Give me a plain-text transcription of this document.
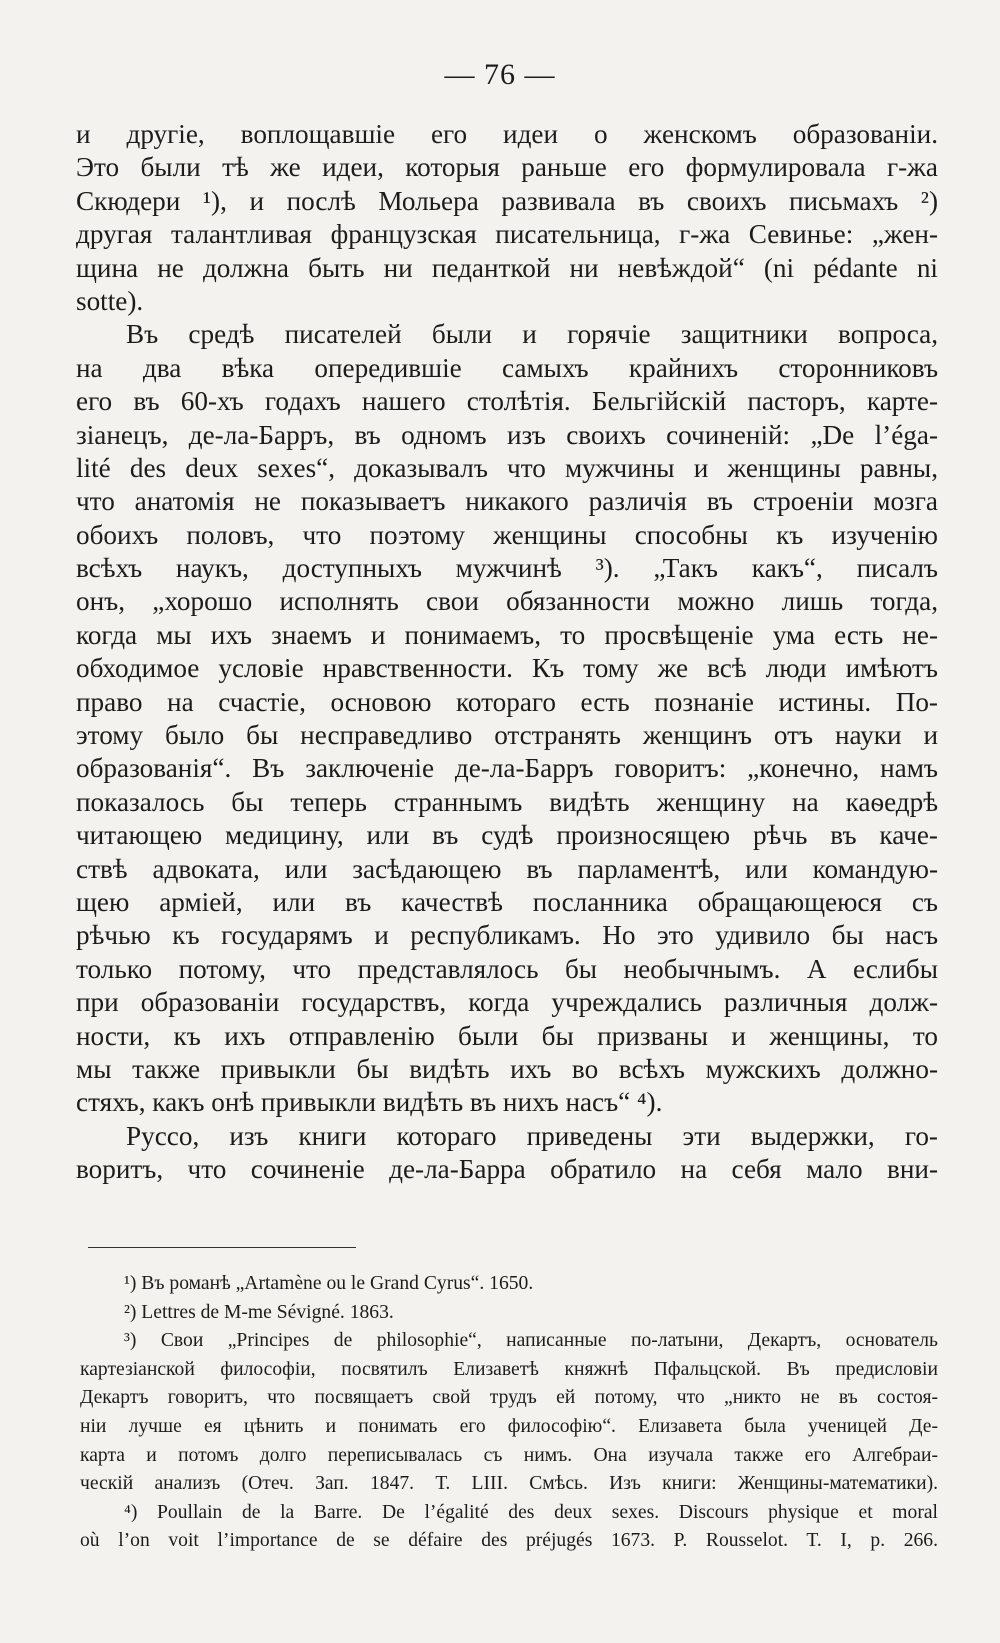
— 76 —
и другіе, воплощавшіе его идеи о женскомъ образованіи.
Это были тѣ же идеи, которыя раньше его формулировала г-жа
Скюдери ¹), и послѣ Мольера развивала въ своихъ письмахъ ²)
другая талантливая французская писательница, г-жа Севинье: „жен-
щина не должна быть ни педанткой ни невѣждой“ (ni pédante ni
sotte).
Въ средѣ писателей были и горячіе защитники вопроса,
на два вѣка опередившіе самыхъ крайнихъ сторонниковъ
его въ 60-хъ годахъ нашего столѣтія. Бельгійскій пасторъ, карте-
зіанецъ, де-ла-Барръ, въ одномъ изъ своихъ сочиненій: „De l’éga-
lité des deux sexes“, доказывалъ что мужчины и женщины равны,
что анатомія не показываетъ никакого различія въ строеніи мозга
обоихъ половъ, что поэтому женщины способны къ изученію
всѣхъ наукъ, доступныхъ мужчинѣ ³). „Такъ какъ“, писалъ
онъ, „хорошо исполнять свои обязанности можно лишь тогда,
когда мы ихъ знаемъ и понимаемъ, то просвѣщеніе ума есть не-
обходимое условіе нравственности. Къ тому же всѣ люди имѣютъ
право на счастіе, основою котораго есть познаніе истины. По-
этому было бы несправедливо отстранять женщинъ отъ науки и
образованія“. Въ заключеніе де-ла-Барръ говоритъ: „конечно, намъ
показалось бы теперь страннымъ видѣть женщину на каѳедрѣ
читающею медицину, или въ судѣ произносящею рѣчь въ каче-
ствѣ адвоката, или засѣдающею въ парламентѣ, или командую-
щею арміей, или въ качествѣ посланника обращающеюся съ
рѣчью къ государямъ и республикамъ. Но это удивило бы насъ
только потому, что представлялось бы необычнымъ. А еслибы
при образованіи государствъ, когда учреждались различныя долж-
ности, къ ихъ отправленію были бы призваны и женщины, то
мы также привыкли бы видѣть ихъ во всѣхъ мужскихъ должно-
стяхъ, какъ онѣ привыкли видѣть въ нихъ насъ“ ⁴).
Руссо, изъ книги котораго приведены эти выдержки, го-
воритъ, что сочиненіе де-ла-Барра обратило на себя мало вни-
¹) Въ романѣ „Artamène ou le Grand Cyrus“. 1650.
²) Lettres de M-me Sévigné. 1863.
³) Свои „Principes de philosophie“, написанные по-латыни, Декартъ, основатель
картезіанской философіи, посвятилъ Елизаветѣ княжнѣ Пфальцской. Въ предисловіи
Декартъ говоритъ, что посвящаетъ свой трудъ ей потому, что „никто не въ состоя-
ніи лучше ея цѣнить и понимать его философію“. Елизавета была ученицей Де-
карта и потомъ долго переписывалась съ нимъ. Она изучала также его Алгебраи-
ческій анализъ (Отеч. Зап. 1847. Т. LIII. Смѣсь. Изъ книги: Женщины-математики).
⁴) Poullain de la Barre. De l’égalité des deux sexes. Discours physique et moral
où l’on voit l’importance de se défaire des préjugés 1673. P. Rousselot. T. I, p. 266.
